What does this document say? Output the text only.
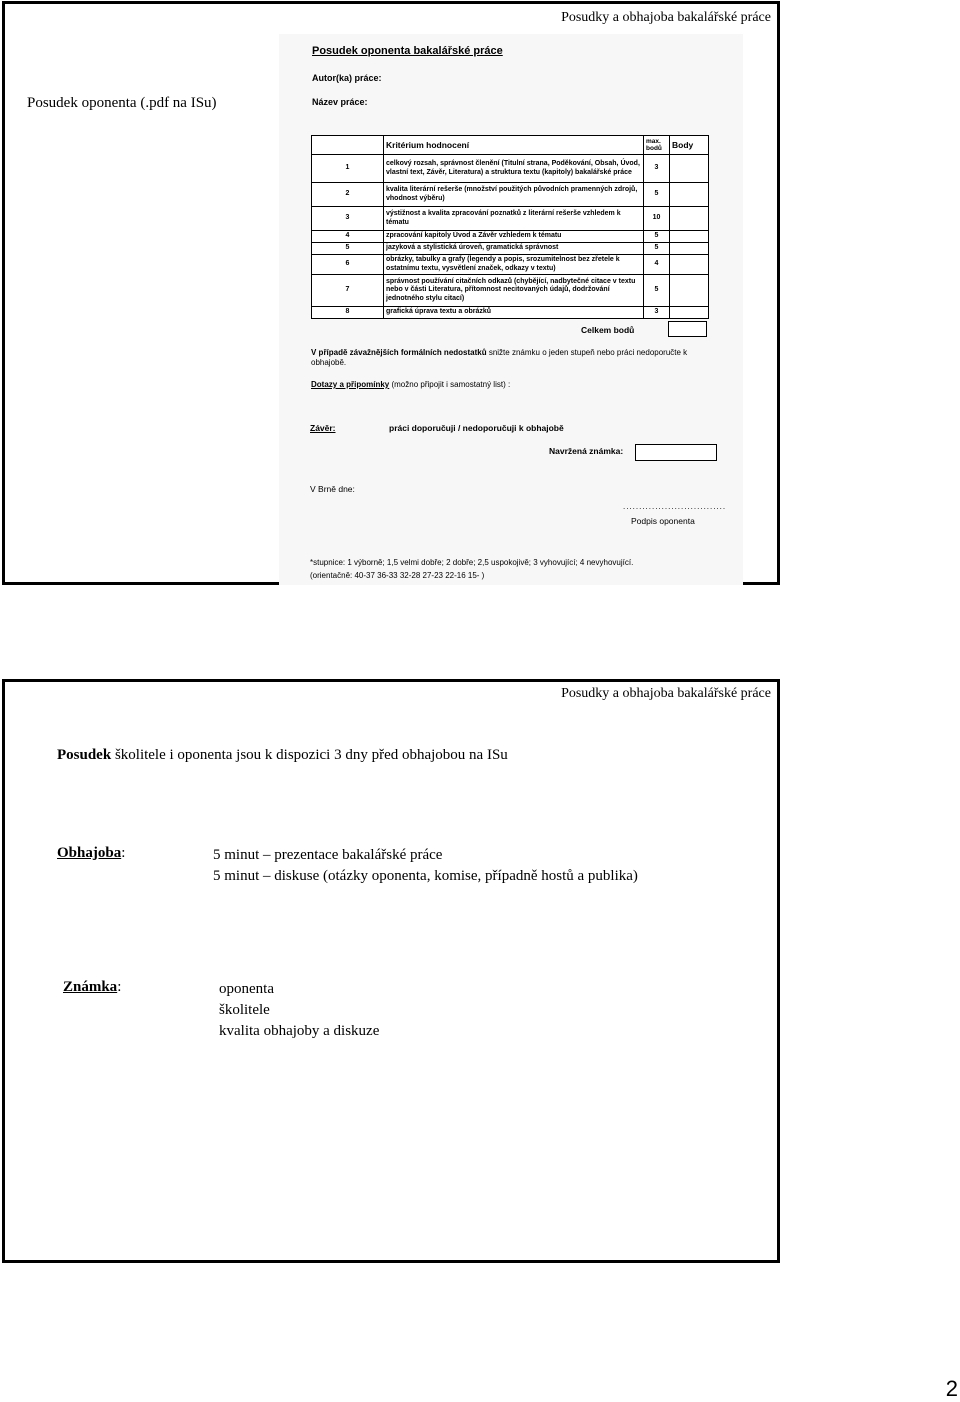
Posudky a obhajoba bakalářské práce
Posudek oponenta (.pdf na ISu)
Posudek oponenta bakalářské práce
Autor(ka) práce:
Název práce:
	Kritérium hodnocení	max. bodů	Body
1	celkový rozsah, správnost členění (Titulní strana, Poděkování, Obsah, Úvod, vlastní text, Závěr, Literatura) a struktura textu (kapitoly) bakalářské práce	3	
2	kvalita literární rešerše (množství použitých původních pramenných zdrojů, vhodnost výběru)	5	
3	výstižnost a kvalita zpracování poznatků z literární rešerše vzhledem k tématu	10	
4	zpracování kapitoly Úvod a Závěr vzhledem k tématu	5	
5	jazyková a stylistická úroveň, gramatická správnost	5	
6	obrázky, tabulky a grafy (legendy a popis, srozumitelnost bez zřetele k ostatnímu textu, vysvětlení značek, odkazy v textu)	4	
7	správnost používání citačních odkazů (chybějící, nadbytečné citace v textu nebo v části Literatura, přítomnost necitovaných údajů, dodržování jednotného stylu citací)	5	
8	grafická úprava textu a obrázků	3	
Celkem bodů
V případě závažnějších formálních nedostatků snižte známku o jeden stupeň nebo práci nedoporučte k obhajobě.
Dotazy a připomínky (možno připojit i samostatný list) :
Závěr:	práci doporučuji / nedoporučuji k obhajobě
Navržená známka:
V Brně dne:
................................
Podpis oponenta
*stupnice: 1 výborně; 1,5 velmi dobře; 2 dobře; 2,5 uspokojivě; 3 vyhovující; 4 nevyhovující.
(orientačně: 40-37 36-33 32-28 27-23 22-16 15- )
Posudky a obhajoba bakalářské práce
Posudek školitele i oponenta jsou k dispozici 3 dny před obhajobou na ISu
Obhajoba:	5 minut – prezentace bakalářské práce
5 minut – diskuse (otázky oponenta, komise, případně hostů a publika)
Známka:	oponenta
školitele
kvalita obhajoby a diskuze
2
